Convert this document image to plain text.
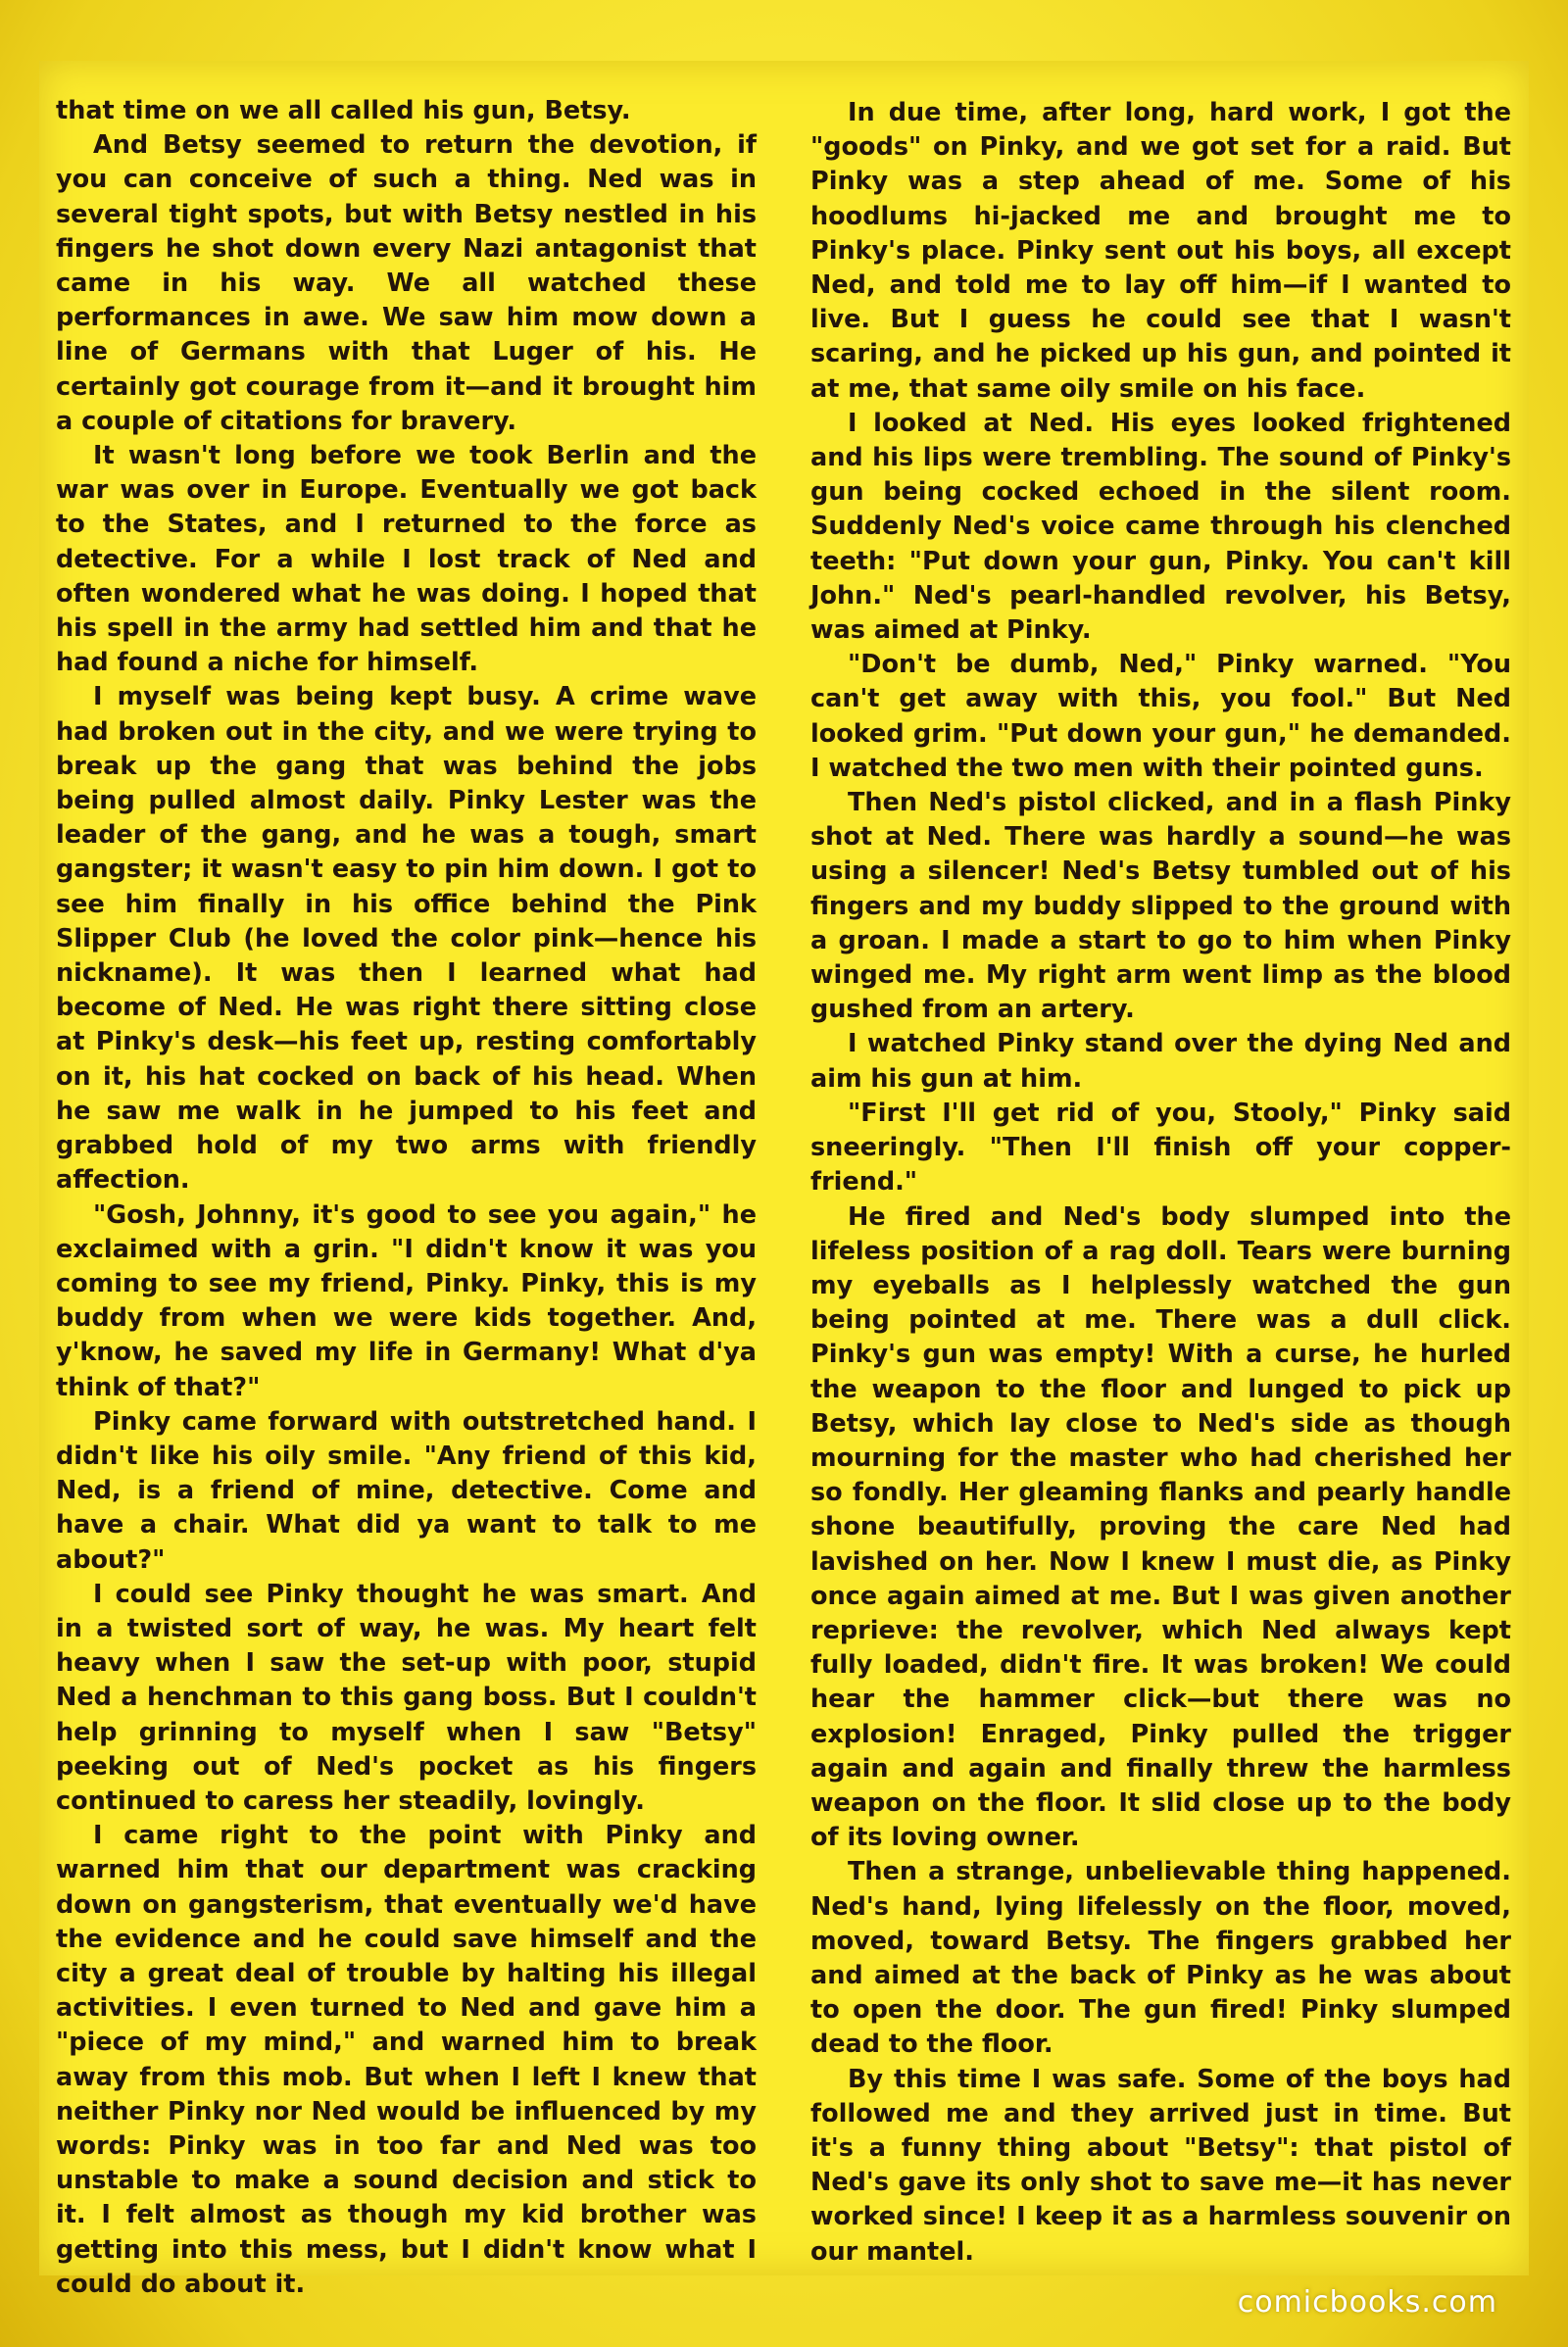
that time on we all called his gun, Betsy.

And Betsy seemed to return the devotion, if you can conceive of such a thing. Ned was in several tight spots, but with Betsy nestled in his fingers he shot down every Nazi antagonist that came in his way. We all watched these performances in awe. We saw him mow down a line of Germans with that Luger of his. He certainly got courage from it—and it brought him a couple of citations for bravery.

It wasn't long before we took Berlin and the war was over in Europe. Eventually we got back to the States, and I returned to the force as detective. For a while I lost track of Ned and often wondered what he was doing. I hoped that his spell in the army had settled him and that he had found a niche for himself.

I myself was being kept busy. A crime wave had broken out in the city, and we were trying to break up the gang that was behind the jobs being pulled almost daily. Pinky Lester was the leader of the gang, and he was a tough, smart gangster; it wasn't easy to pin him down. I got to see him finally in his office behind the Pink Slipper Club (he loved the color pink—hence his nickname). It was then I learned what had become of Ned. He was right there sitting close at Pinky's desk—his feet up, resting comfortably on it, his hat cocked on back of his head. When he saw me walk in he jumped to his feet and grabbed hold of my two arms with friendly affection.

"Gosh, Johnny, it's good to see you again," he exclaimed with a grin. "I didn't know it was you coming to see my friend, Pinky. Pinky, this is my buddy from when we were kids together. And, y'know, he saved my life in Germany! What d'ya think of that?"

Pinky came forward with outstretched hand. I didn't like his oily smile. "Any friend of this kid, Ned, is a friend of mine, detective. Come and have a chair. What did ya want to talk to me about?"

I could see Pinky thought he was smart. And in a twisted sort of way, he was. My heart felt heavy when I saw the set-up with poor, stupid Ned a henchman to this gang boss. But I couldn't help grinning to myself when I saw "Betsy" peeking out of Ned's pocket as his fingers continued to caress her steadily, lovingly.

I came right to the point with Pinky and warned him that our department was cracking down on gangsterism, that eventually we'd have the evidence and he could save himself and the city a great deal of trouble by halting his illegal activities. I even turned to Ned and gave him a "piece of my mind," and warned him to break away from this mob. But when I left I knew that neither Pinky nor Ned would be influenced by my words: Pinky was in too far and Ned was too unstable to make a sound decision and stick to it. I felt almost as though my kid brother was getting into this mess, but I didn't know what I could do about it.

In due time, after long, hard work, I got the "goods" on Pinky, and we got set for a raid. But Pinky was a step ahead of me. Some of his hoodlums hi-jacked me and brought me to Pinky's place. Pinky sent out his boys, all except Ned, and told me to lay off him—if I wanted to live. But I guess he could see that I wasn't scaring, and he picked up his gun, and pointed it at me, that same oily smile on his face.

I looked at Ned. His eyes looked frightened and his lips were trembling. The sound of Pinky's gun being cocked echoed in the silent room. Suddenly Ned's voice came through his clenched teeth: "Put down your gun, Pinky. You can't kill John." Ned's pearl-handled revolver, his Betsy, was aimed at Pinky.

"Don't be dumb, Ned," Pinky warned. "You can't get away with this, you fool." But Ned looked grim. "Put down your gun," he demanded. I watched the two men with their pointed guns.

Then Ned's pistol clicked, and in a flash Pinky shot at Ned. There was hardly a sound—he was using a silencer! Ned's Betsy tumbled out of his fingers and my buddy slipped to the ground with a groan. I made a start to go to him when Pinky winged me. My right arm went limp as the blood gushed from an artery.

I watched Pinky stand over the dying Ned and aim his gun at him.

"First I'll get rid of you, Stooly," Pinky said sneeringly. "Then I'll finish off your copper-friend."

He fired and Ned's body slumped into the lifeless position of a rag doll. Tears were burning my eyeballs as I helplessly watched the gun being pointed at me. There was a dull click. Pinky's gun was empty! With a curse, he hurled the weapon to the floor and lunged to pick up Betsy, which lay close to Ned's side as though mourning for the master who had cherished her so fondly. Her gleaming flanks and pearly handle shone beautifully, proving the care Ned had lavished on her. Now I knew I must die, as Pinky once again aimed at me. But I was given another reprieve: the revolver, which Ned always kept fully loaded, didn't fire. It was broken! We could hear the hammer click—but there was no explosion! Enraged, Pinky pulled the trigger again and again and finally threw the harmless weapon on the floor. It slid close up to the body of its loving owner.

Then a strange, unbelievable thing happened. Ned's hand, lying lifelessly on the floor, moved, moved, toward Betsy. The fingers grabbed her and aimed at the back of Pinky as he was about to open the door. The gun fired! Pinky slumped dead to the floor.

By this time I was safe. Some of the boys had followed me and they arrived just in time. But it's a funny thing about "Betsy": that pistol of Ned's gave its only shot to save me—it has never worked since! I keep it as a harmless souvenir on our mantel.

comicbooks.com
